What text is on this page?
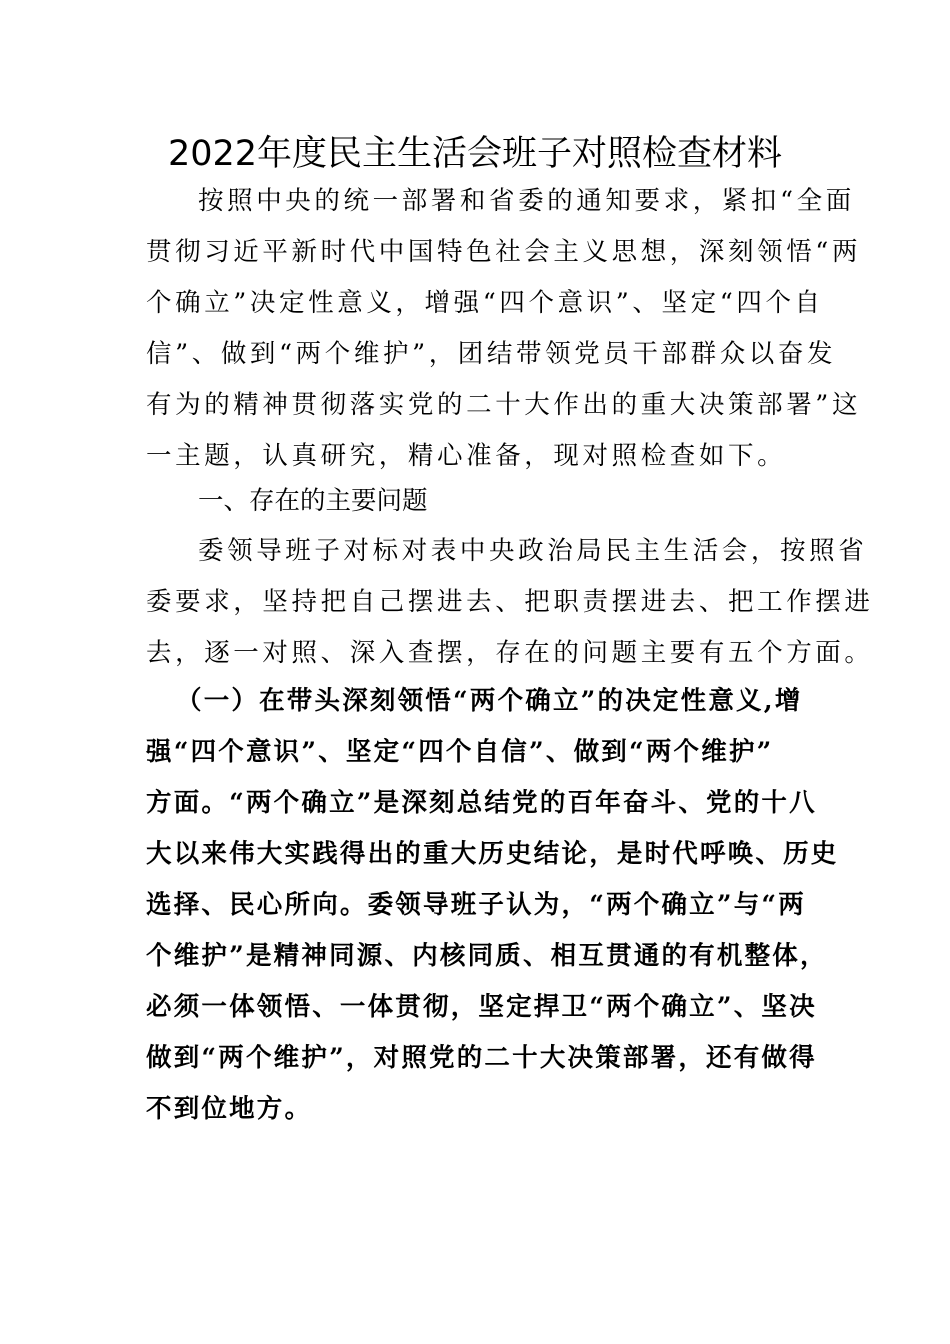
2022年度民主生活会班子对照检查材料
按照中央的统一部署和省委的通知要求，紧扣“全面
贯彻习近平新时代中国特色社会主义思想，深刻领悟“两
个确立”决定性意义，增强“四个意识”、坚定“四个自
信”、做到“两个维护”，团结带领党员干部群众以奋发
有为的精神贯彻落实党的二十大作出的重大决策部署”这
一主题，认真研究，精心准备，现对照检查如下。
一、存在的主要问题
委领导班子对标对表中央政治局民主生活会，按照省
委要求，坚持把自己摆进去、把职责摆进去、把工作摆进
去，逐一对照、深入查摆，存在的问题主要有五个方面。
（一）在带头深刻领悟“两个确立”的决定性意义,增
强“四个意识”、坚定“四个自信”、做到“两个维护”
方面。“两个确立”是深刻总结党的百年奋斗、党的十八
大以来伟大实践得出的重大历史结论，是时代呼唤、历史
选择、民心所向。委领导班子认为，“两个确立”与“两
个维护”是精神同源、内核同质、相互贯通的有机整体，
必须一体领悟、一体贯彻，坚定捍卫“两个确立”、坚决
做到“两个维护”，对照党的二十大决策部署，还有做得
不到位地方。
